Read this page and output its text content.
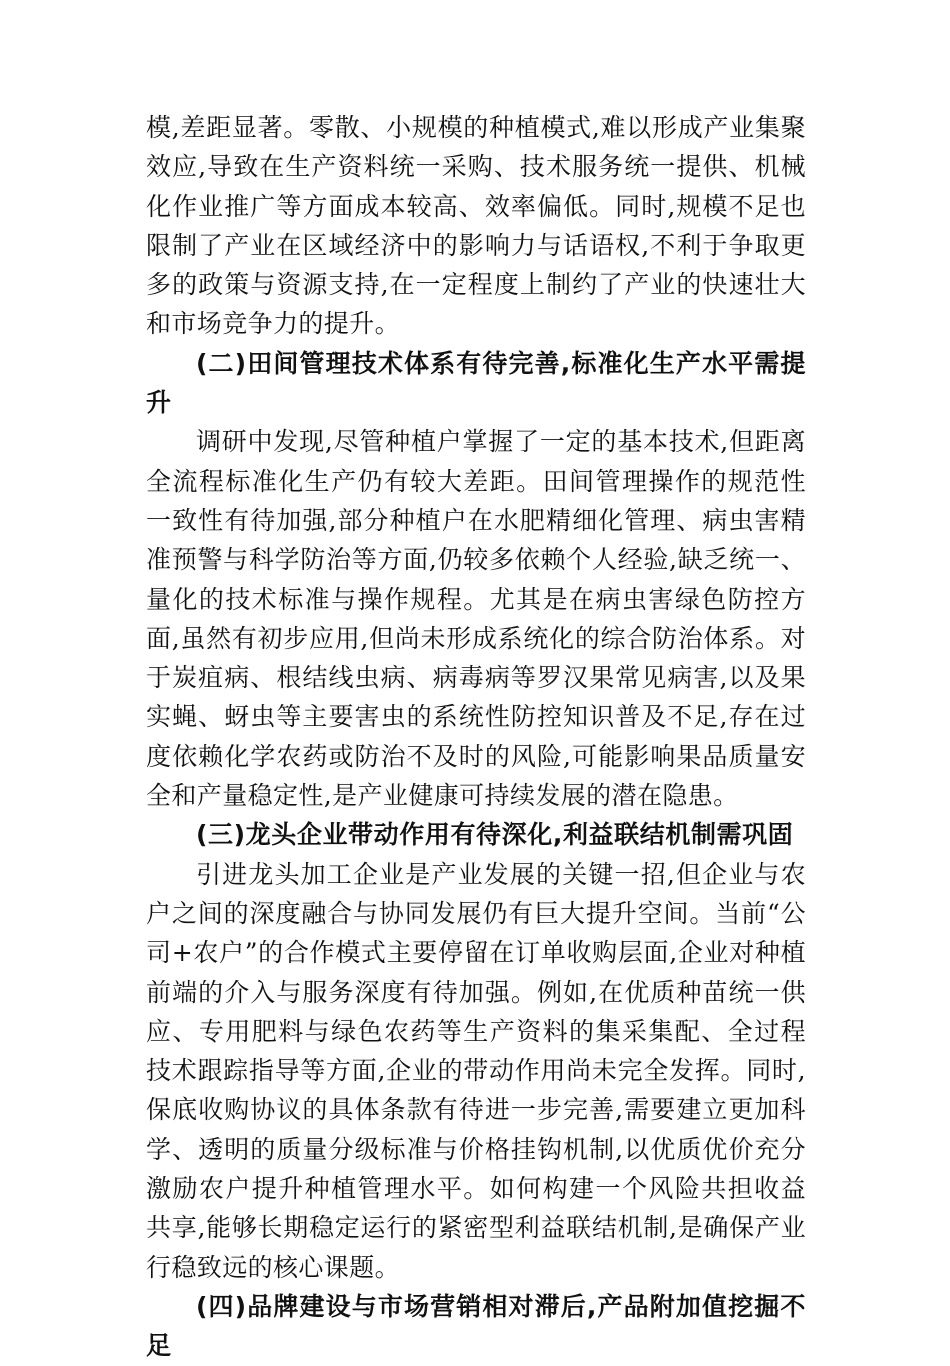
模,差距显著。零散、小规模的种植模式,难以形成产业集聚效应,导致在生产资料统一采购、技术服务统一提供、机械化作业推广等方面成本较高、效率偏低。同时,规模不足也限制了产业在区域经济中的影响力与话语权,不利于争取更多的政策与资源支持,在一定程度上制约了产业的快速壮大和市场竞争力的提升。

(二)田间管理技术体系有待完善,标准化生产水平需提升

调研中发现,尽管种植户掌握了一定的基本技术,但距离全流程标准化生产仍有较大差距。田间管理操作的规范性一致性有待加强,部分种植户在水肥精细化管理、病虫害精准预警与科学防治等方面,仍较多依赖个人经验,缺乏统一、量化的技术标准与操作规程。尤其是在病虫害绿色防控方面,虽然有初步应用,但尚未形成系统化的综合防治体系。对于炭疽病、根结线虫病、病毒病等罗汉果常见病害,以及果实蝇、蚜虫等主要害虫的系统性防控知识普及不足,存在过度依赖化学农药或防治不及时的风险,可能影响果品质量安全和产量稳定性,是产业健康可持续发展的潜在隐患。

(三)龙头企业带动作用有待深化,利益联结机制需巩固

引进龙头加工企业是产业发展的关键一招,但企业与农户之间的深度融合与协同发展仍有巨大提升空间。当前“公司+农户”的合作模式主要停留在订单收购层面,企业对种植前端的介入与服务深度有待加强。例如,在优质种苗统一供应、专用肥料与绿色农药等生产资料的集采集配、全过程技术跟踪指导等方面,企业的带动作用尚未完全发挥。同时,保底收购协议的具体条款有待进一步完善,需要建立更加科学、透明的质量分级标准与价格挂钩机制,以优质优价充分激励农户提升种植管理水平。如何构建一个风险共担收益共享,能够长期稳定运行的紧密型利益联结机制,是确保产业行稳致远的核心课题。

(四)品牌建设与市场营销相对滞后,产品附加值挖掘不足
